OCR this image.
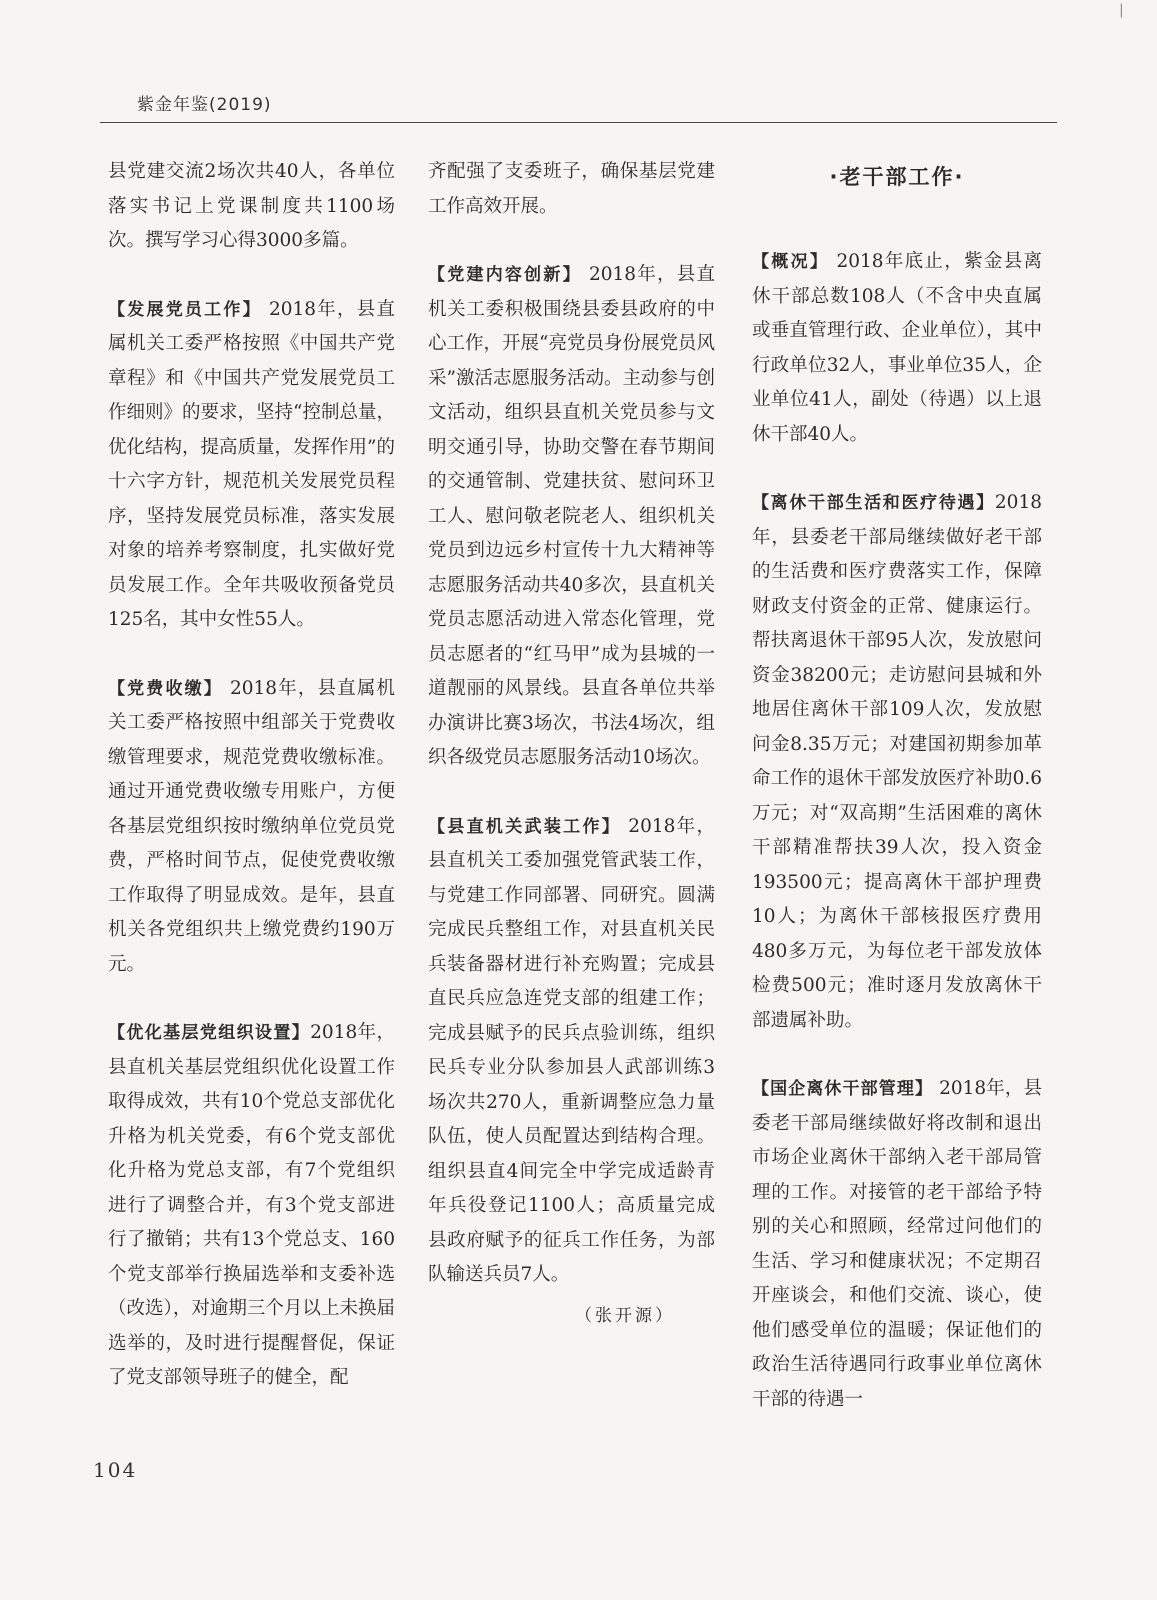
|
紫金年鉴(2019)

县党建交流2场次共40人，各单位落实书记上党课制度共1100场次。撰写学习心得3000多篇。

【发展党员工作】 2018年，县直属机关工委严格按照《中国共产党章程》和《中国共产党发展党员工作细则》的要求，坚持“控制总量，优化结构，提高质量，发挥作用”的十六字方针，规范机关发展党员程序，坚持发展党员标准，落实发展对象的培养考察制度，扎实做好党员发展工作。全年共吸收预备党员125名，其中女性55人。

【党费收缴】 2018年，县直属机关工委严格按照中组部关于党费收缴管理要求，规范党费收缴标准。通过开通党费收缴专用账户，方便各基层党组织按时缴纳单位党员党费，严格时间节点，促使党费收缴工作取得了明显成效。是年，县直机关各党组织共上缴党费约190万元。

【优化基层党组织设置】2018年，县直机关基层党组织优化设置工作取得成效，共有10个党总支部优化升格为机关党委，有6个党支部优化升格为党总支部，有7个党组织进行了调整合并，有3个党支部进行了撤销；共有13个党总支、160个党支部举行换届选举和支委补选（改选），对逾期三个月以上未换届选举的，及时进行提醒督促，保证了党支部领导班子的健全，配

齐配强了支委班子，确保基层党建工作高效开展。

【党建内容创新】 2018年，县直机关工委积极围绕县委县政府的中心工作，开展“亮党员身份展党员风采”激活志愿服务活动。主动参与创文活动，组织县直机关党员参与文明交通引导，协助交警在春节期间的交通管制、党建扶贫、慰问环卫工人、慰问敬老院老人、组织机关党员到边远乡村宣传十九大精神等志愿服务活动共40多次，县直机关党员志愿活动进入常态化管理，党员志愿者的“红马甲”成为县城的一道靓丽的风景线。县直各单位共举办演讲比赛3场次，书法4场次，组织各级党员志愿服务活动10场次。

【县直机关武装工作】 2018年，县直机关工委加强党管武装工作，与党建工作同部署、同研究。圆满完成民兵整组工作，对县直机关民兵装备器材进行补充购置；完成县直民兵应急连党支部的组建工作；完成县赋予的民兵点验训练，组织民兵专业分队参加县人武部训练3场次共270人，重新调整应急力量队伍，使人员配置达到结构合理。组织县直4间完全中学完成适龄青年兵役登记1100人；高质量完成县政府赋予的征兵工作任务，为部队输送兵员7人。

（张开源）
·老干部工作·

【概况】 2018年底止，紫金县离休干部总数108人（不含中央直属或垂直管理行政、企业单位），其中行政单位32人，事业单位35人，企业单位41人，副处（待遇）以上退休干部40人。

【离休干部生活和医疗待遇】2018年，县委老干部局继续做好老干部的生活费和医疗费落实工作，保障财政支付资金的正常、健康运行。帮扶离退休干部95人次，发放慰问资金38200元；走访慰问县城和外地居住离休干部109人次，发放慰问金8.35万元；对建国初期参加革命工作的退休干部发放医疗补助0.6万元；对“双高期”生活困难的离休干部精准帮扶39人次，投入资金193500元；提高离休干部护理费10人；为离休干部核报医疗费用480多万元，为每位老干部发放体检费500元；准时逐月发放离休干部遗属补助。

【国企离休干部管理】 2018年，县委老干部局继续做好将改制和退出市场企业离休干部纳入老干部局管理的工作。对接管的老干部给予特别的关心和照顾，经常过问他们的生活、学习和健康状况；不定期召开座谈会，和他们交流、谈心，使他们感受单位的温暖；保证他们的政治生活待遇同行政事业单位离休干部的待遇一

104
